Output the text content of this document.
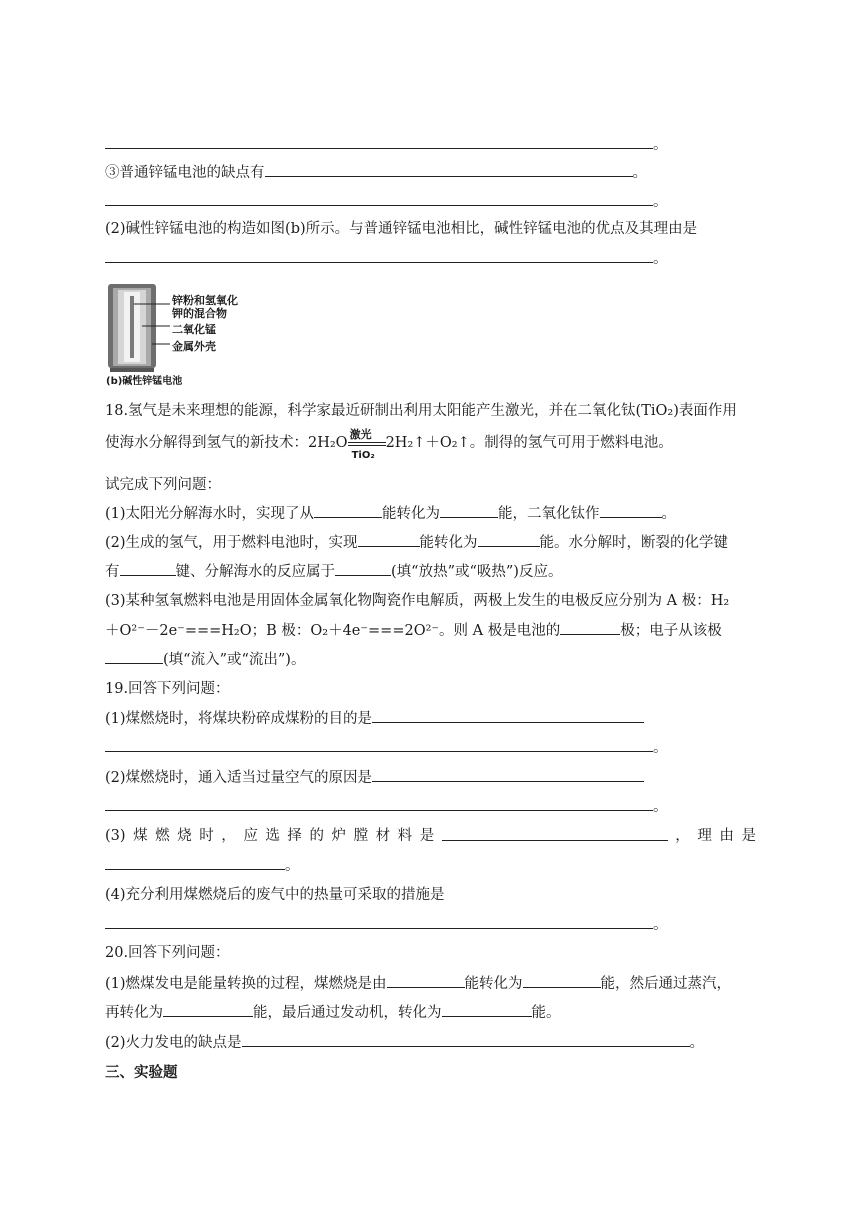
。
③普通锌锰电池的缺点有	。
。
(2)碱性锌锰电池的构造如图(b)所示。与普通锌锰电池相比，碱性锌锰电池的优点及其理由是
。
锌粉和氢氧化
钾的混合物
二氧化锰
金属外壳
(b)碱性锌锰电池
18.氢气是未来理想的能源，科学家最近研制出利用太阳能产生激光，并在二氧化钛(TiO₂)表面作用
使海水分解得到氢气的新技术：$2H_2O \frac{\text{激光}}{\text{TiO₂}}$ 2H₂↑＋O₂↑。制得的氢气可用于燃料电池。
试完成下列问题：
(1)太阳光分解海水时，实现了从	能转化为	能，二氧化钛作	。
(2)生成的氢气，用于燃料电池时，实现	能转化为	能。水分解时，断裂的化学键
有	键、分解海水的反应属于	(填“放热”或“吸热”)反应。
(3)某种氢氧燃料电池是用固体金属氧化物陶瓷作电解质，两极上发生的电极反应分别为 A 极：H₂
＋O²⁻－2e⁻===H₂O；B 极：O₂＋4e⁻===2O²⁻。则 A 极是电池的	极；电子从该极
(填“流入”或“流出”)。
19.回答下列问题：
(1)煤燃烧时，将煤块粉碎成煤粉的目的是
。
(2)煤燃烧时，通入适当过量空气的原因是
。
(3) 煤 燃 烧 时 ， 应 选 择 的 炉 膛 材 料 是	， 理 由 是
。
(4)充分利用煤燃烧后的废气中的热量可采取的措施是
。
20.回答下列问题：
(1)燃煤发电是能量转换的过程，煤燃烧是由	能转化为	能，然后通过蒸汽，
再转化为	能，最后通过发动机，转化为	能。
(2)火力发电的缺点是	。
三、实验题
